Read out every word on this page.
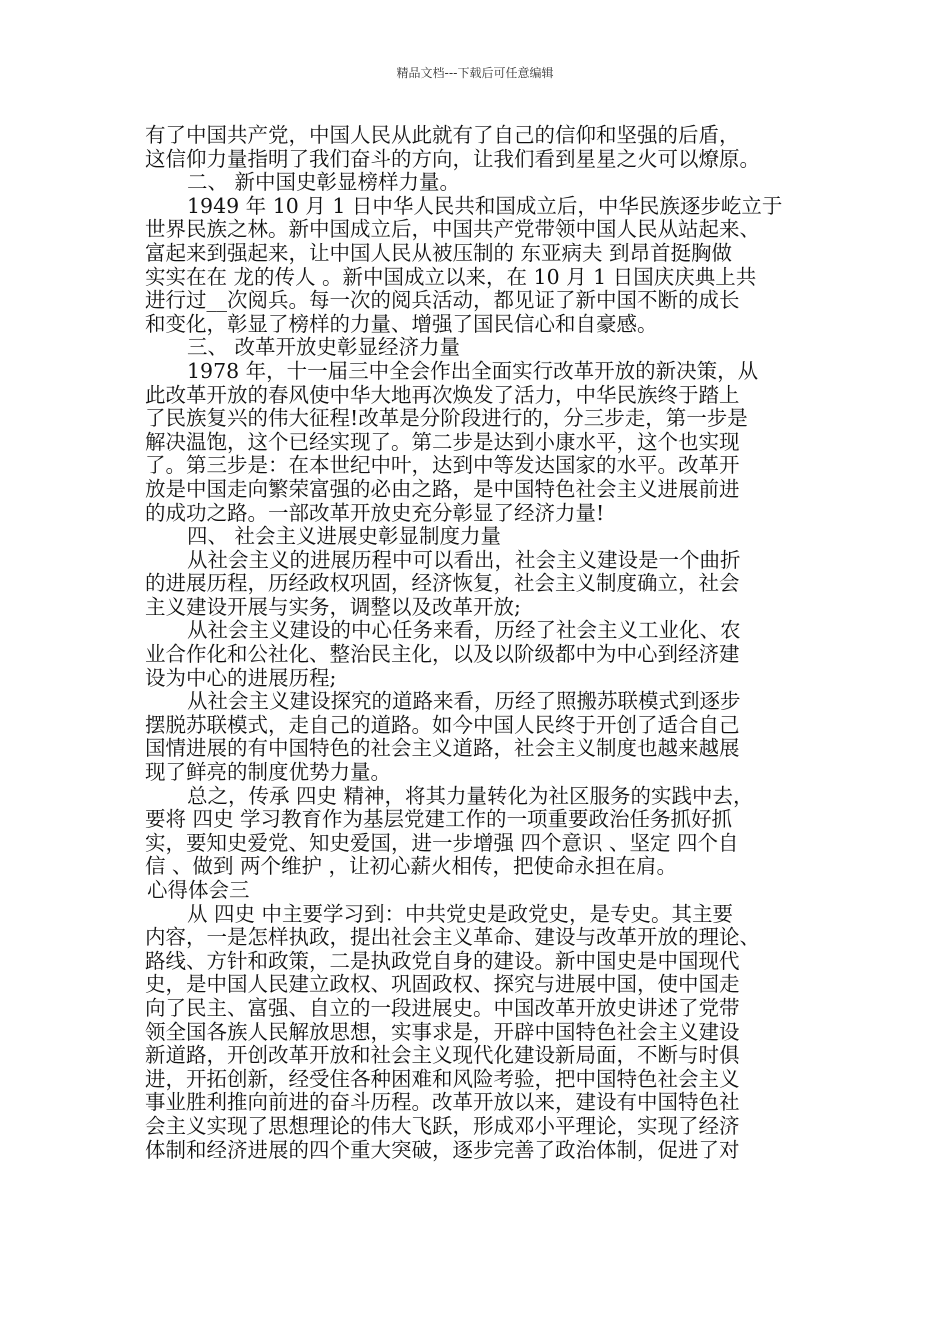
精品文档---下载后可任意编辑
有了中国共产党，中国人民从此就有了自己的信仰和坚强的后盾，
这信仰力量指明了我们奋斗的方向，让我们看到星星之火可以燎原。
二、 新中国史彰显榜样力量。
1949 年 10 月 1 日中华人民共和国成立后，中华民族逐步屹立于
世界民族之林。新中国成立后，中国共产党带领中国人民从站起来、
富起来到强起来，让中国人民从被压制的 东亚病夫 到昂首挺胸做
实实在在 龙的传人 。新中国成立以来，在 10 月 1 日国庆庆典上共
进行过__次阅兵。每一次的阅兵活动，都见证了新中国不断的成长
和变化，彰显了榜样的力量、增强了国民信心和自豪感。
三、 改革开放史彰显经济力量
1978 年，十一届三中全会作出全面实行改革开放的新决策，从
此改革开放的春风使中华大地再次焕发了活力，中华民族终于踏上
了民族复兴的伟大征程!改革是分阶段进行的，分三步走，第一步是
解决温饱，这个已经实现了。第二步是达到小康水平，这个也实现
了。第三步是：在本世纪中叶，达到中等发达国家的水平。改革开
放是中国走向繁荣富强的必由之路，是中国特色社会主义进展前进
的成功之路。一部改革开放史充分彰显了经济力量!
四、 社会主义进展史彰显制度力量
从社会主义的进展历程中可以看出，社会主义建设是一个曲折
的进展历程，历经政权巩固，经济恢复，社会主义制度确立，社会
主义建设开展与实务，调整以及改革开放;
从社会主义建设的中心任务来看，历经了社会主义工业化、农
业合作化和公社化、整治民主化，以及以阶级都中为中心到经济建
设为中心的进展历程;
从社会主义建设探究的道路来看，历经了照搬苏联模式到逐步
摆脱苏联模式，走自己的道路。如今中国人民终于开创了适合自己
国情进展的有中国特色的社会主义道路，社会主义制度也越来越展
现了鲜亮的制度优势力量。
总之，传承 四史 精神，将其力量转化为社区服务的实践中去，
要将 四史 学习教育作为基层党建工作的一项重要政治任务抓好抓
实，要知史爱党、知史爱国，进一步增强 四个意识 、坚定 四个自
信 、做到 两个维护 ，让初心薪火相传，把使命永担在肩。
心得体会三
从 四史 中主要学习到：中共党史是政党史，是专史。其主要
内容，一是怎样执政，提出社会主义革命、建设与改革开放的理论、
路线、方针和政策，二是执政党自身的建设。新中国史是中国现代
史，是中国人民建立政权、巩固政权、探究与进展中国，使中国走
向了民主、富强、自立的一段进展史。中国改革开放史讲述了党带
领全国各族人民解放思想，实事求是，开辟中国特色社会主义建设
新道路，开创改革开放和社会主义现代化建设新局面，不断与时俱
进，开拓创新，经受住各种困难和风险考验，把中国特色社会主义
事业胜利推向前进的奋斗历程。改革开放以来，建设有中国特色社
会主义实现了思想理论的伟大飞跃，形成邓小平理论，实现了经济
体制和经济进展的四个重大突破，逐步完善了政治体制，促进了对
